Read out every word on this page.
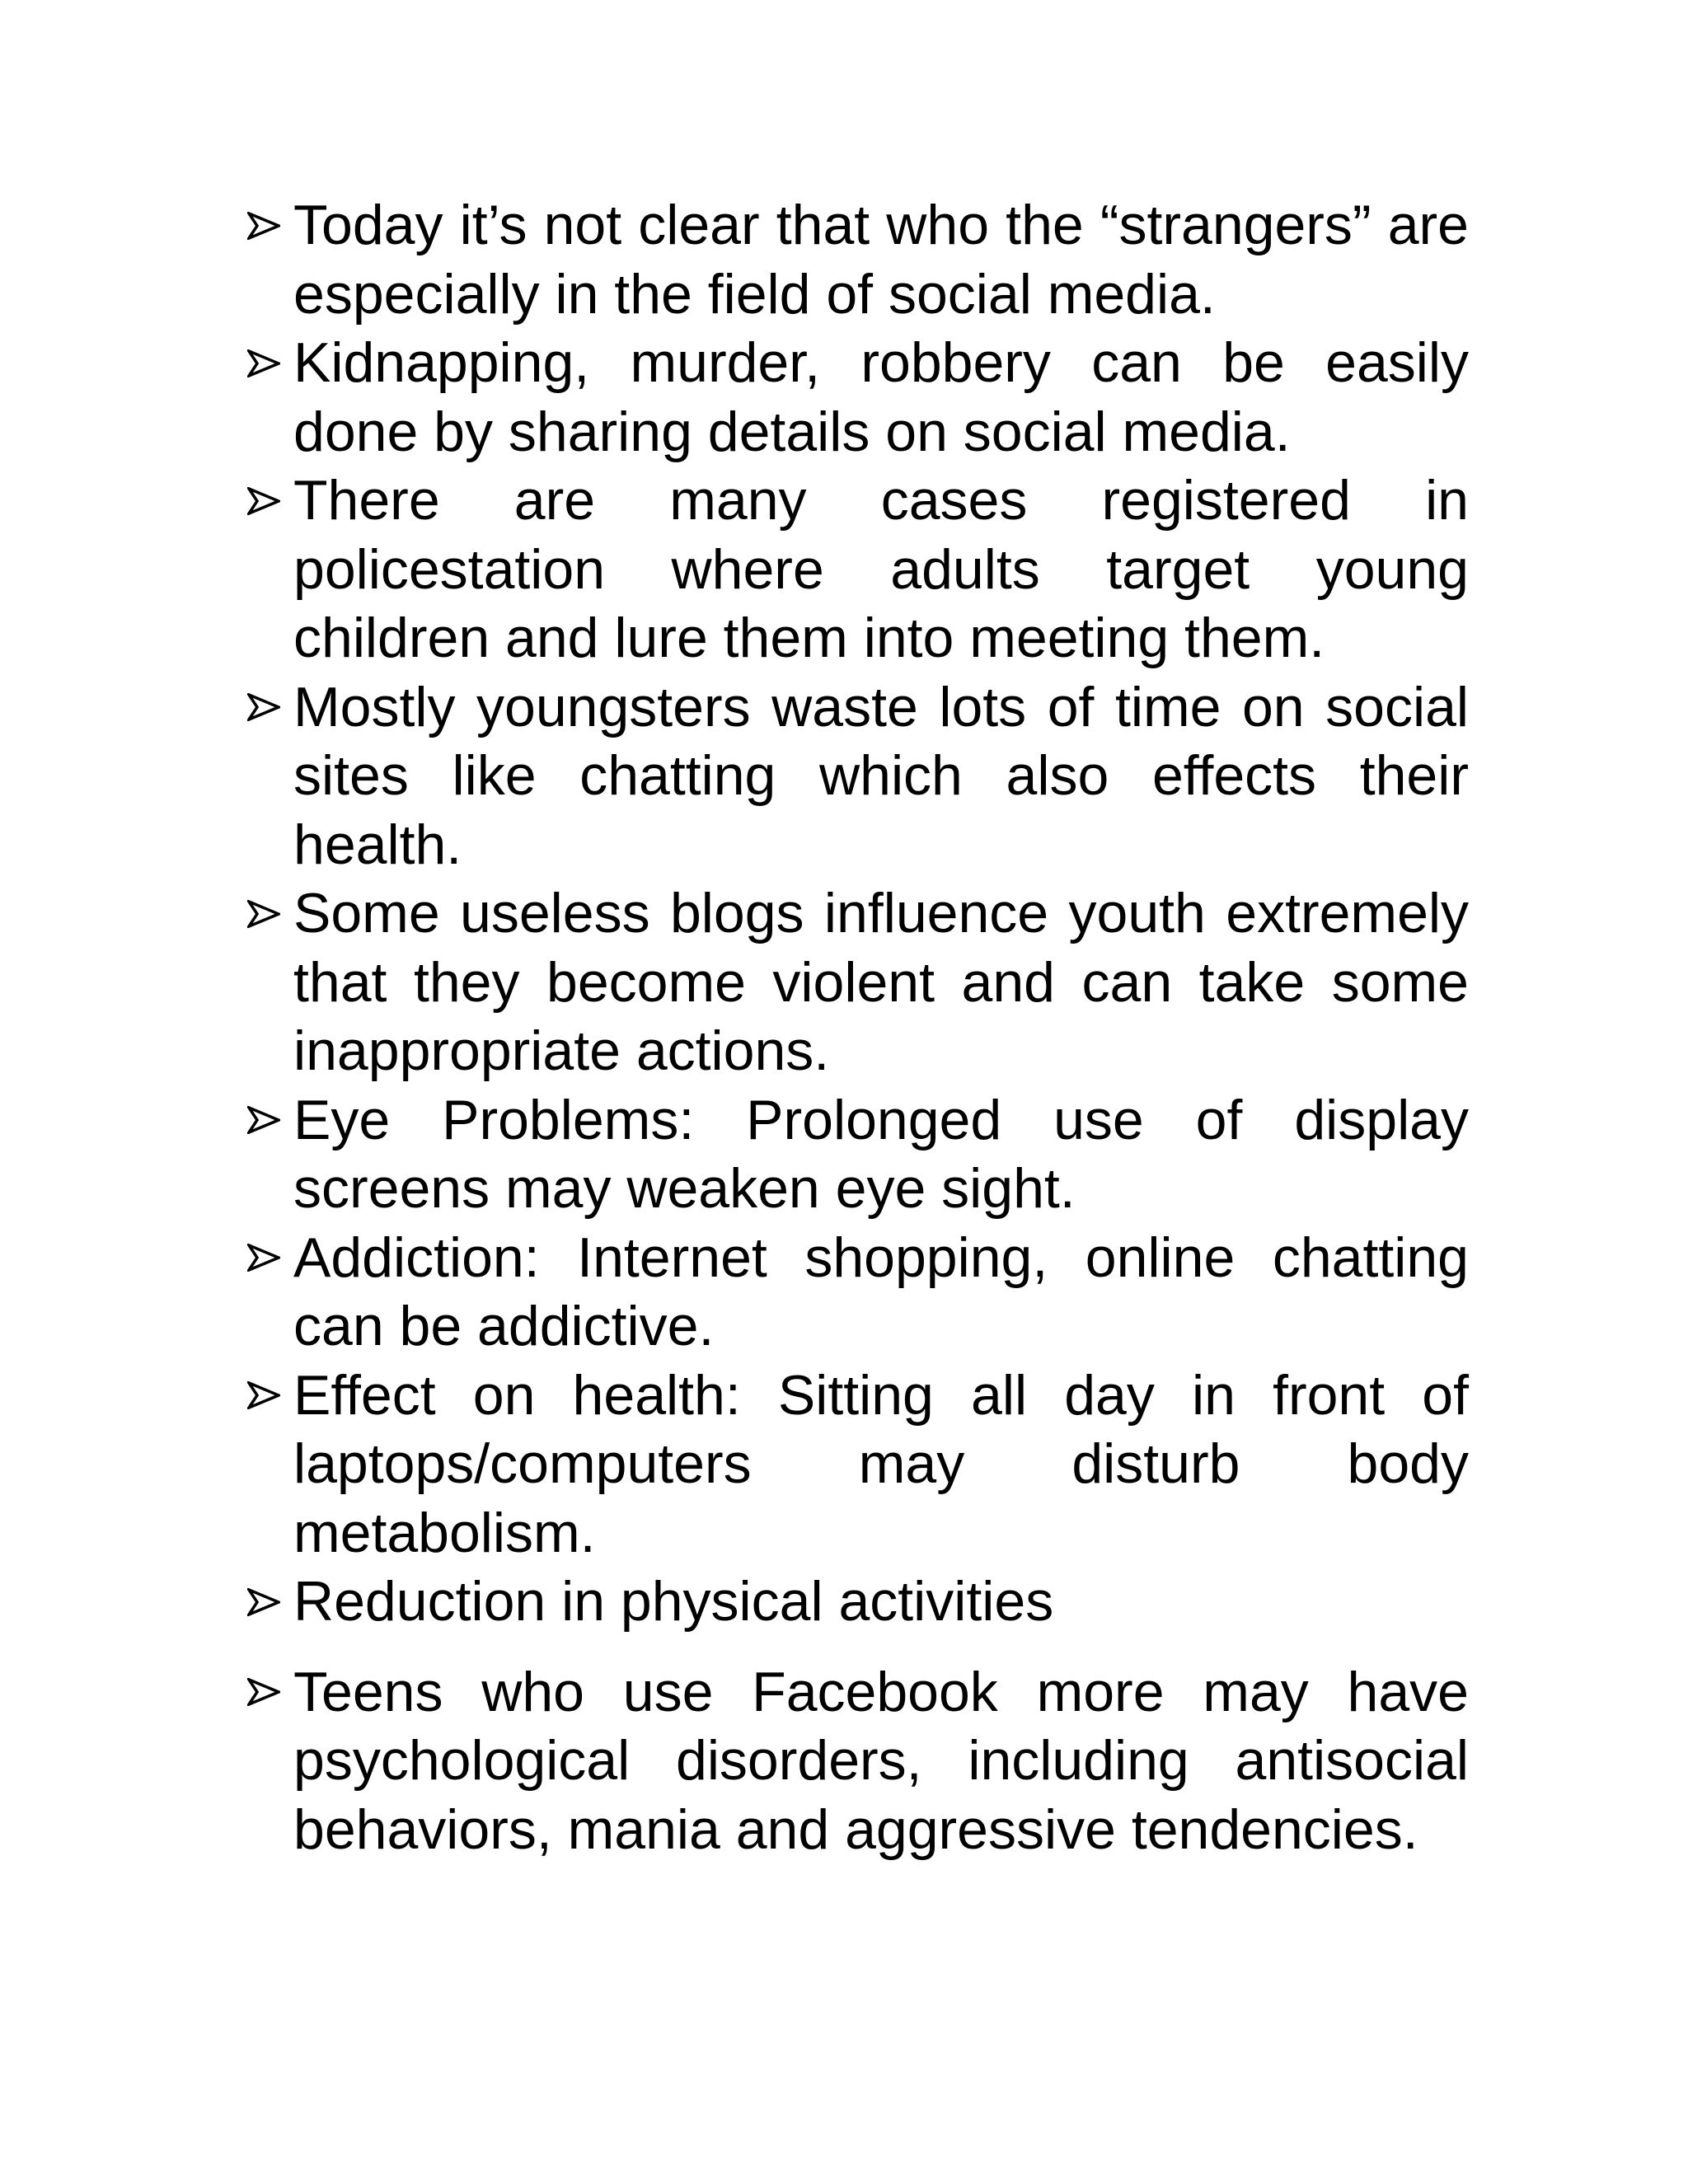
Today it’s not clear that who the “strangers” are especially in the field of social media.
Kidnapping, murder, robbery can be easily done by sharing details on social media.
There are many cases registered in policestation where adults target young children and lure them into meeting them.
Mostly youngsters waste lots of time on social sites like chatting which also effects their health.
Some useless blogs influence youth extremely that they become violent and can take some inappropriate actions.
Eye Problems: Prolonged use of display screens may weaken eye sight.
Addiction: Internet shopping, online chatting can be addictive.
Effect on health: Sitting all day in front of laptops/computers may disturb body metabolism.
Reduction in physical activities
Teens who use Facebook more may have psychological disorders, including antisocial behaviors, mania and aggressive tendencies.
